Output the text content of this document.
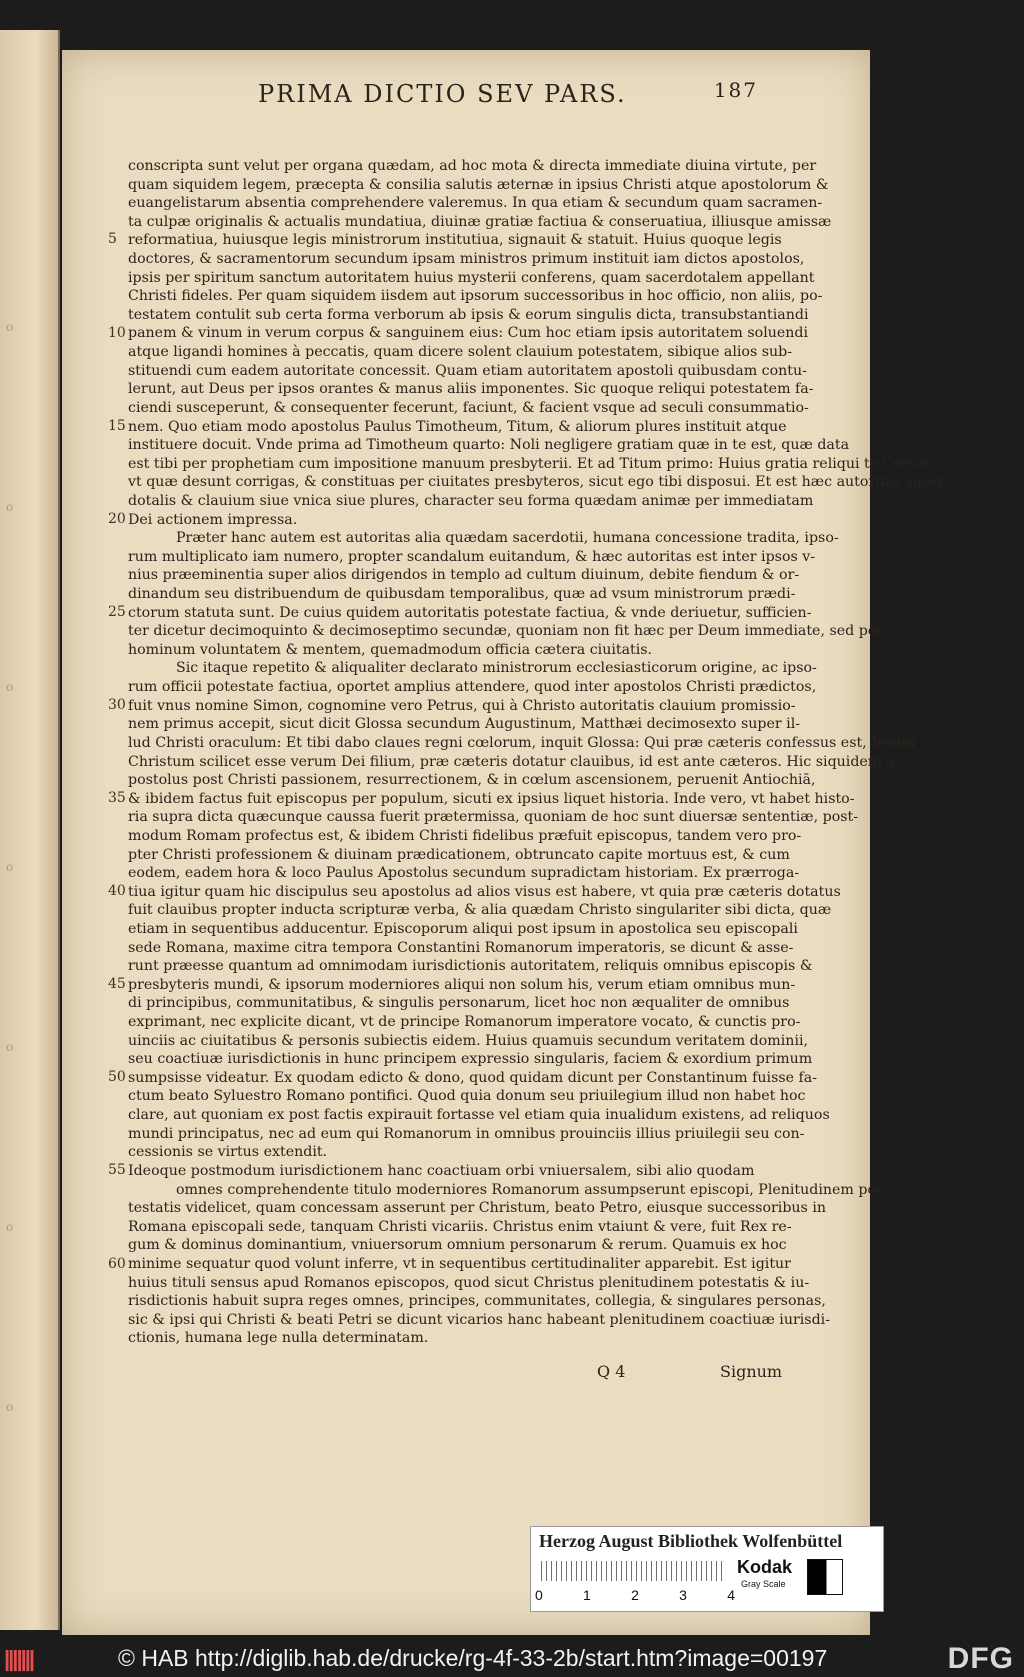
o
o
o
o
o
o
o
PRIMA DICTIO SEV PARS.	187
5
10
15
20
25
30
35
40
45
50
55
60
conscripta sunt velut per organa quædam, ad hoc mota & directa immediate diuina virtute, per
quam siquidem legem, præcepta & consilia salutis æternæ in ipsius Christi atque apostolorum &
euangelistarum absentia comprehendere valeremus. In qua etiam & secundum quam sacramen-
ta culpæ originalis & actualis mundatiua, diuinæ gratiæ factiua & conseruatiua, illiusque amissæ
reformatiua, huiusque legis ministrorum institutiua, signauit & statuit. Huius quoque legis
doctores, & sacramentorum secundum ipsam ministros primum instituit iam dictos apostolos,
ipsis per spiritum sanctum autoritatem huius mysterii conferens, quam sacerdotalem appellant
Christi fideles. Per quam siquidem iisdem aut ipsorum successoribus in hoc officio, non aliis, po-
testatem contulit sub certa forma verborum ab ipsis & eorum singulis dicta, transubstantiandi
panem & vinum in verum corpus & sanguinem eius: Cum hoc etiam ipsis autoritatem soluendi
atque ligandi homines à peccatis, quam dicere solent clauium potestatem, sibique alios sub-
stituendi cum eadem autoritate concessit. Quam etiam autoritatem apostoli quibusdam contu-
lerunt, aut Deus per ipsos orantes & manus aliis imponentes. Sic quoque reliqui potestatem fa-
ciendi susceperunt, & consequenter fecerunt, faciunt, & facient vsque ad seculi consummatio-
nem. Quo etiam modo apostolus Paulus Timotheum, Titum, & aliorum plures instituit atque
instituere docuit. Vnde prima ad Timotheum quarto: Noli negligere gratiam quæ in te est, quæ data
est tibi per prophetiam cum impositione manuum presbyterii. Et ad Titum primo: Huius gratia reliqui te Cretæ,
vt quæ desunt corrigas, & constituas per ciuitates presbyteros, sicut ego tibi disposui. Et est hæc autoritas sacer-
dotalis & clauium siue vnica siue plures, character seu forma quædam animæ per immediatam
Dei actionem impressa.
Præter hanc autem est autoritas alia quædam sacerdotii, humana concessione tradita, ipso-
rum multiplicato iam numero, propter scandalum euitandum, & hæc autoritas est inter ipsos v-
nius præeminentia super alios dirigendos in templo ad cultum diuinum, debite fiendum & or-
dinandum seu distribuendum de quibusdam temporalibus, quæ ad vsum ministrorum prædi-
ctorum statuta sunt. De cuius quidem autoritatis potestate factiua, & vnde deriuetur, sufficien-
ter dicetur decimoquinto & decimoseptimo secundæ, quoniam non fit hæc per Deum immediate, sed per
hominum voluntatem & mentem, quemadmodum officia cætera ciuitatis.
Sic itaque repetito & aliqualiter declarato ministrorum ecclesiasticorum origine, ac ipso-
rum officii potestate factiua, oportet amplius attendere, quod inter apostolos Christi prædictos,
fuit vnus nomine Simon, cognomine vero Petrus, qui à Christo autoritatis clauium promissio-
nem primus accepit, sicut dicit Glossa secundum Augustinum, Matthæi decimosexto super il-
lud Christi oraculum: Et tibi dabo claues regni cœlorum, inquit Glossa: Qui præ cæteris confessus est, Iesum
Christum scilicet esse verum Dei filium, præ cæteris dotatur clauibus, id est ante cæteros. Hic siquidem a-
postolus post Christi passionem, resurrectionem, & in cœlum ascensionem, peruenit Antiochiā,
& ibidem factus fuit episcopus per populum, sicuti ex ipsius liquet historia. Inde vero, vt habet histo-
ria supra dicta quæcunque caussa fuerit prætermissa, quoniam de hoc sunt diuersæ sententiæ, post-
modum Romam profectus est, & ibidem Christi fidelibus præfuit episcopus, tandem vero pro-
pter Christi professionem & diuinam prædicationem, obtruncato capite mortuus est, & cum
eodem, eadem hora & loco Paulus Apostolus secundum supradictam historiam. Ex prærroga-
tiua igitur quam hic discipulus seu apostolus ad alios visus est habere, vt quia præ cæteris dotatus
fuit clauibus propter inducta scripturæ verba, & alia quædam Christo singulariter sibi dicta, quæ
etiam in sequentibus adducentur. Episcoporum aliqui post ipsum in apostolica seu episcopali
sede Romana, maxime citra tempora Constantini Romanorum imperatoris, se dicunt & asse-
runt præesse quantum ad omnimodam iurisdictionis autoritatem, reliquis omnibus episcopis &
presbyteris mundi, & ipsorum moderniores aliqui non solum his, verum etiam omnibus mun-
di principibus, communitatibus, & singulis personarum, licet hoc non æqualiter de omnibus
exprimant, nec explicite dicant, vt de principe Romanorum imperatore vocato, & cunctis pro-
uinciis ac ciuitatibus & personis subiectis eidem. Huius quamuis secundum veritatem dominii,
seu coactiuæ iurisdictionis in hunc principem expressio singularis, faciem & exordium primum
sumpsisse videatur. Ex quodam edicto & dono, quod quidam dicunt per Constantinum fuisse fa-
ctum beato Syluestro Romano pontifici. Quod quia donum seu priuilegium illud non habet hoc
clare, aut quoniam ex post factis expirauit fortasse vel etiam quia inualidum existens, ad reliquos
mundi principatus, nec ad eum qui Romanorum in omnibus prouinciis illius priuilegii seu con-
cessionis se virtus extendit.
Ideoque postmodum iurisdictionem hanc coactiuam orbi vniuersalem, sibi alio quodam
omnes comprehendente titulo moderniores Romanorum assumpserunt episcopi, Plenitudinem po-
testatis videlicet, quam concessam asserunt per Christum, beato Petro, eiusque successoribus in
Romana episcopali sede, tanquam Christi vicariis. Christus enim vtaiunt & vere, fuit Rex re-
gum & dominus dominantium, vniuersorum omnium personarum & rerum. Quamuis ex hoc
minime sequatur quod volunt inferre, vt in sequentibus certitudinaliter apparebit. Est igitur
huius tituli sensus apud Romanos episcopos, quod sicut Christus plenitudinem potestatis & iu-
risdictionis habuit supra reges omnes, principes, communitates, collegia, & singulares personas,
sic & ipsi qui Christi & beati Petri se dicunt vicarios hanc habeant plenitudinem coactiuæ iurisdi-
ctionis, humana lege nulla determinatam.
Q 4	Signum
Herzog August Bibliothek Wolfenbüttel
0	1	2	3	4
Kodak
Gray Scale
|||||||	© HAB http://diglib.hab.de/drucke/rg-4f-33-2b/start.htm?image=00197	DFG
